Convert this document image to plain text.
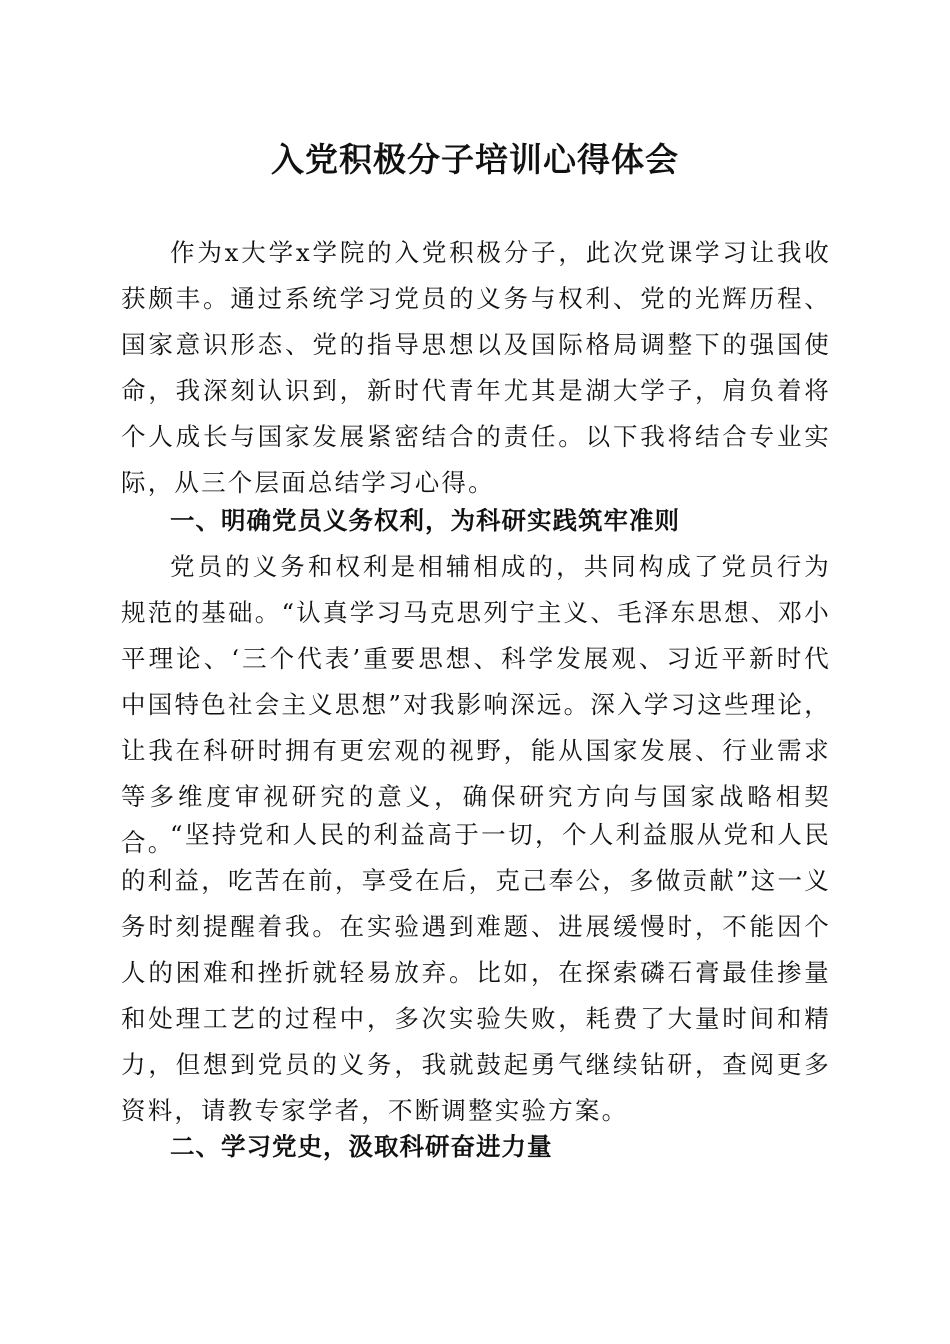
入党积极分子培训心得体会

作为x大学x学院的入党积极分子，此次党课学习让我收获颇丰。通过系统学习党员的义务与权利、党的光辉历程、国家意识形态、党的指导思想以及国际格局调整下的强国使命，我深刻认识到，新时代青年尤其是湖大学子，肩负着将个人成长与国家发展紧密结合的责任。以下我将结合专业实际，从三个层面总结学习心得。

一、明确党员义务权利，为科研实践筑牢准则

党员的义务和权利是相辅相成的，共同构成了党员行为规范的基础。“认真学习马克思列宁主义、毛泽东思想、邓小平理论、‘三个代表’重要思想、科学发展观、习近平新时代中国特色社会主义思想”对我影响深远。深入学习这些理论，让我在科研时拥有更宏观的视野，能从国家发展、行业需求等多维度审视研究的意义，确保研究方向与国家战略相契合。

“坚持党和人民的利益高于一切，个人利益服从党和人民的利益，吃苦在前，享受在后，克己奉公，多做贡献”这一义务时刻提醒着我。在实验遇到难题、进展缓慢时，不能因个人的困难和挫折就轻易放弃。比如，在探索磷石膏最佳掺量和处理工艺的过程中，多次实验失败，耗费了大量时间和精力，但想到党员的义务，我就鼓起勇气继续钻研，查阅更多资料，请教专家学者，不断调整实验方案。

二、学习党史，汲取科研奋进力量
